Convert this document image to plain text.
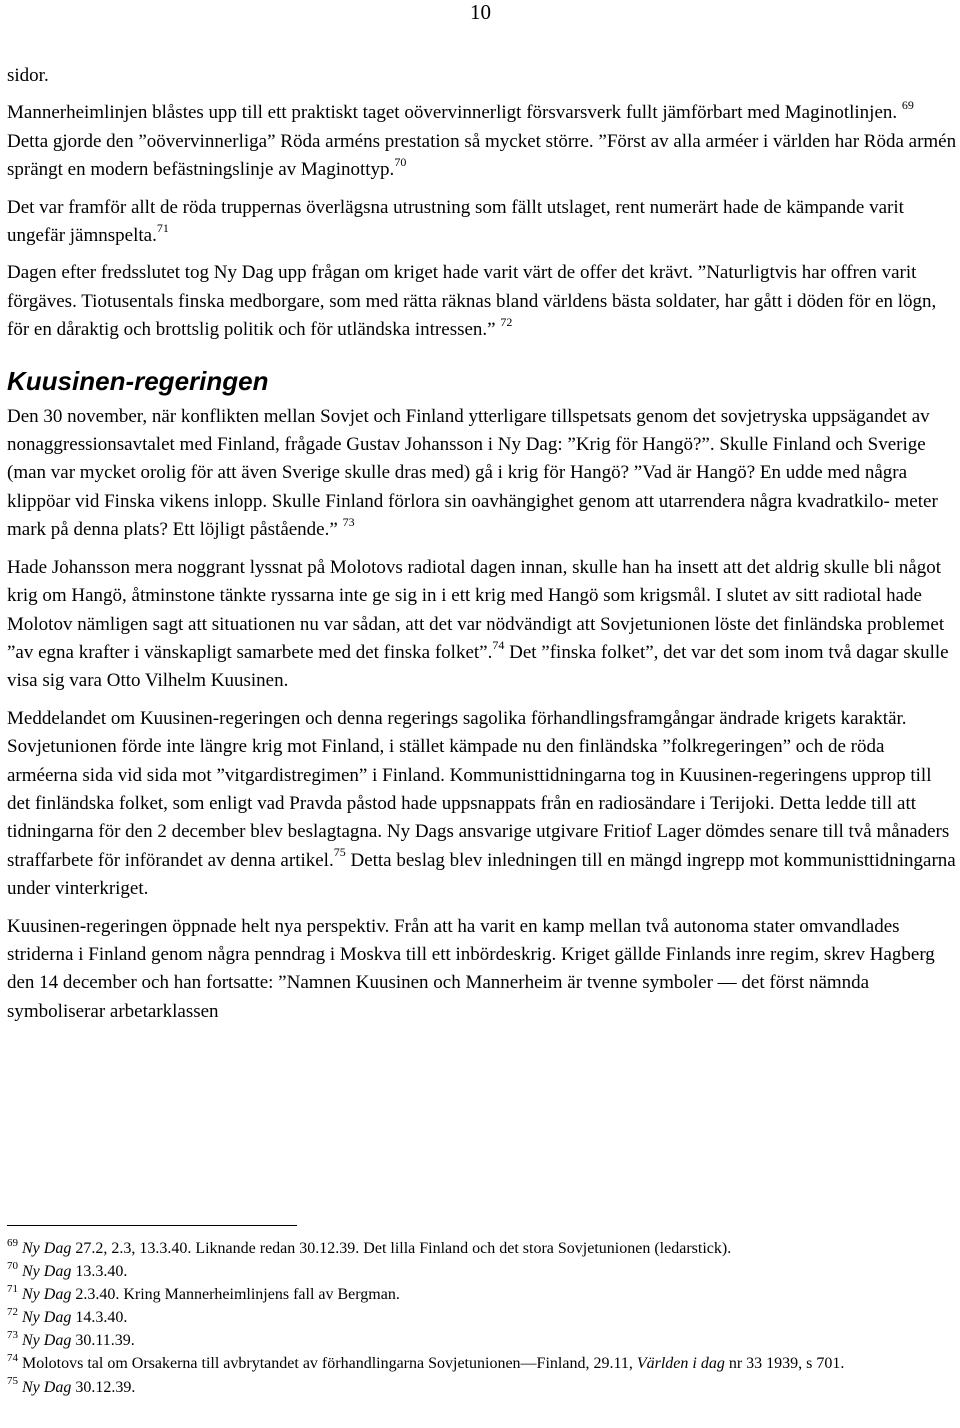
10

sidor.

Mannerheimlinjen blåstes upp till ett praktiskt taget oövervinnerligt försvarsverk fullt jämförbart med Maginotlinjen. $^{69}$ Detta gjorde den ”oövervinnerliga” Röda arméns prestation så mycket större. ”Först av alla arméer i världen har Röda armén sprängt en modern befästningslinje av Maginottyp.$^{70}$

Det var framför allt de röda truppernas överlägsna utrustning som fällt utslaget, rent numerärt hade de kämpande varit ungefär jämnspelta.$^{71}$

Dagen efter fredsslutet tog Ny Dag upp frågan om kriget hade varit värt de offer det krävt. ”Naturligtvis har offren varit förgäves. Tiotusentals finska medborgare, som med rätta räknas bland världens bästa soldater, har gått i döden för en lögn, för en dåraktig och brottslig politik och för utländska intressen.” $^{72}$

Kuusinen-regeringen

Den 30 november, när konflikten mellan Sovjet och Finland ytterligare tillspetsats genom det sovjetryska uppsägandet av nonaggressionsavtalet med Finland, frågade Gustav Johansson i Ny Dag: ”Krig för Hangö?”. Skulle Finland och Sverige (man var mycket orolig för att även Sverige skulle dras med) gå i krig för Hangö? ”Vad är Hangö? En udde med några klippöar vid Finska vikens inlopp. Skulle Finland förlora sin oavhängighet genom att utarrendera några kvadratkilo- meter mark på denna plats? Ett löjligt påstående.” $^{73}$

Hade Johansson mera noggrant lyssnat på Molotovs radiotal dagen innan, skulle han ha insett att det aldrig skulle bli något krig om Hangö, åtminstone tänkte ryssarna inte ge sig in i ett krig med Hangö som krigsmål. I slutet av sitt radiotal hade Molotov nämligen sagt att situationen nu var sådan, att det var nödvändigt att Sovjetunionen löste det finländska problemet ”av egna krafter i vänskapligt samarbete med det finska folket”.$^{74}$ Det ”finska folket”, det var det som inom två dagar skulle visa sig vara Otto Vilhelm Kuusinen.

Meddelandet om Kuusinen-regeringen och denna regerings sagolika förhandlingsframgångar ändrade krigets karaktär. Sovjetunionen förde inte längre krig mot Finland, i stället kämpade nu den finländska ”folkregeringen” och de röda arméerna sida vid sida mot ”vitgardistregimen” i Finland. Kommunisttidningarna tog in Kuusinen-regeringens upprop till det finländska folket, som enligt vad Pravda påstod hade uppsnappats från en radiosändare i Terijoki. Detta ledde till att tidningarna för den 2 december blev beslagtagna. Ny Dags ansvarige utgivare Fritiof Lager dömdes senare till två månaders straffarbete för införandet av denna artikel.$^{75}$ Detta beslag blev inledningen till en mängd ingrepp mot kommunisttidningarna under vinterkriget.

Kuusinen-regeringen öppnade helt nya perspektiv. Från att ha varit en kamp mellan två autonoma stater omvandlades striderna i Finland genom några penndrag i Moskva till ett inbördeskrig. Kriget gällde Finlands inre regim, skrev Hagberg den 14 december och han fortsatte: ”Namnen Kuusinen och Mannerheim är tvenne symboler — det först nämnda symboliserar arbetarklassen

$^{69}$ Ny Dag 27.2, 2.3, 13.3.40. Liknande redan 30.12.39. Det lilla Finland och det stora Sovjetunionen (ledarstick).
$^{70}$ Ny Dag 13.3.40.
$^{71}$ Ny Dag 2.3.40. Kring Mannerheimlinjens fall av Bergman.
$^{72}$ Ny Dag 14.3.40.
$^{73}$ Ny Dag 30.11.39.
$^{74}$ Molotovs tal om Orsakerna till avbrytandet av förhandlingarna Sovjetunionen—Finland, 29.11, Världen i dag nr 33 1939, s 701.
$^{75}$ Ny Dag 30.12.39.
